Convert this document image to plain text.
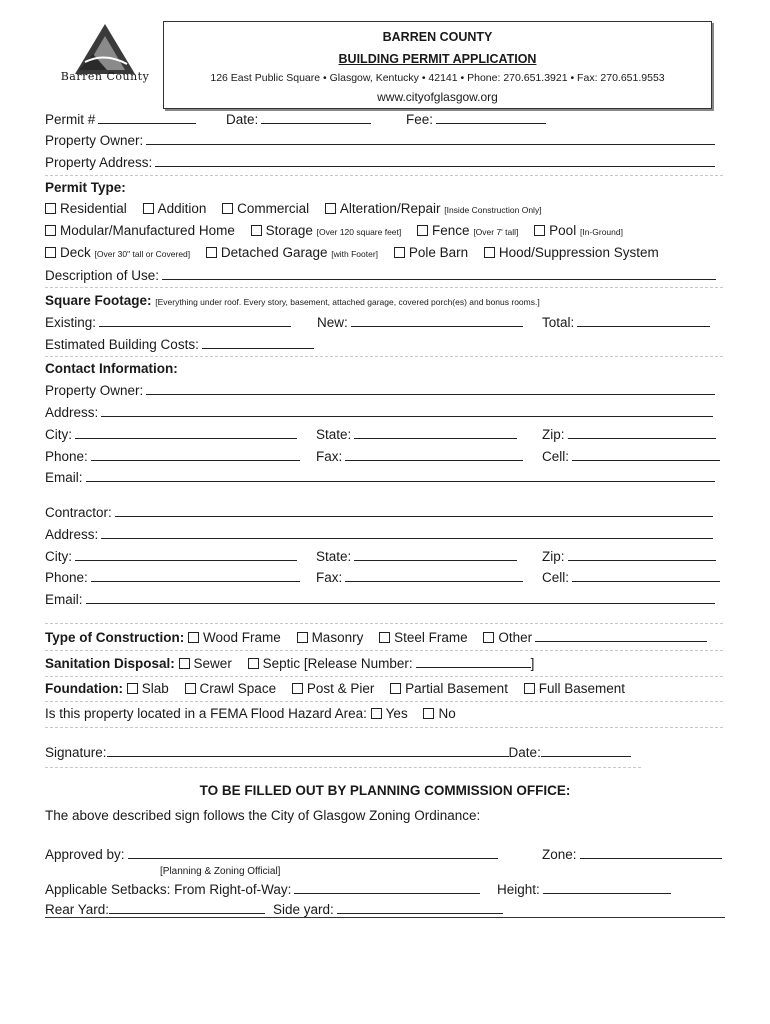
Barren County
BARREN COUNTY
BUILDING PERMIT APPLICATION
126 East Public Square • Glasgow, Kentucky • 42141 • Phone: 270.651.3921 • Fax: 270.651.9553
www.cityofglasgow.org
Permit #	Date:	Fee:
Property Owner:
Property Address:
Permit Type:
Residential Addition Commercial Alteration/Repair [Inside Construction Only]
Modular/Manufactured Home Storage [Over 120 square feet] Fence [Over 7' tall] Pool [In-Ground]
Deck [Over 30" tall or Covered] Detached Garage [with Footer] Pole Barn Hood/Suppression System
Description of Use:
Square Footage: [Everything under roof. Every story, basement, attached garage, covered porch(es) and bonus rooms.]
Existing:	New:	Total:
Estimated Building Costs:
Contact Information:
Property Owner:
Address:
City:	State:	Zip:
Phone:	Fax:	Cell:
Email:
Contractor:
Address:
City:	State:	Zip:
Phone:	Fax:	Cell:
Email:
Type of Construction: Wood Frame Masonry Steel Frame Other
Sanitation Disposal: Sewer Septic [Release Number:	]
Foundation: Slab Crawl Space Post & Pier Partial Basement Full Basement
Is this property located in a FEMA Flood Hazard Area: Yes No
Signature:	Date:
TO BE FILLED OUT BY PLANNING COMMISSION OFFICE:
The above described sign follows the City of Glasgow Zoning Ordinance:
Approved by:	Zone:
[Planning & Zoning Official]
Applicable Setbacks: From Right-of-Way:	Height:
Rear Yard:	Side yard:
